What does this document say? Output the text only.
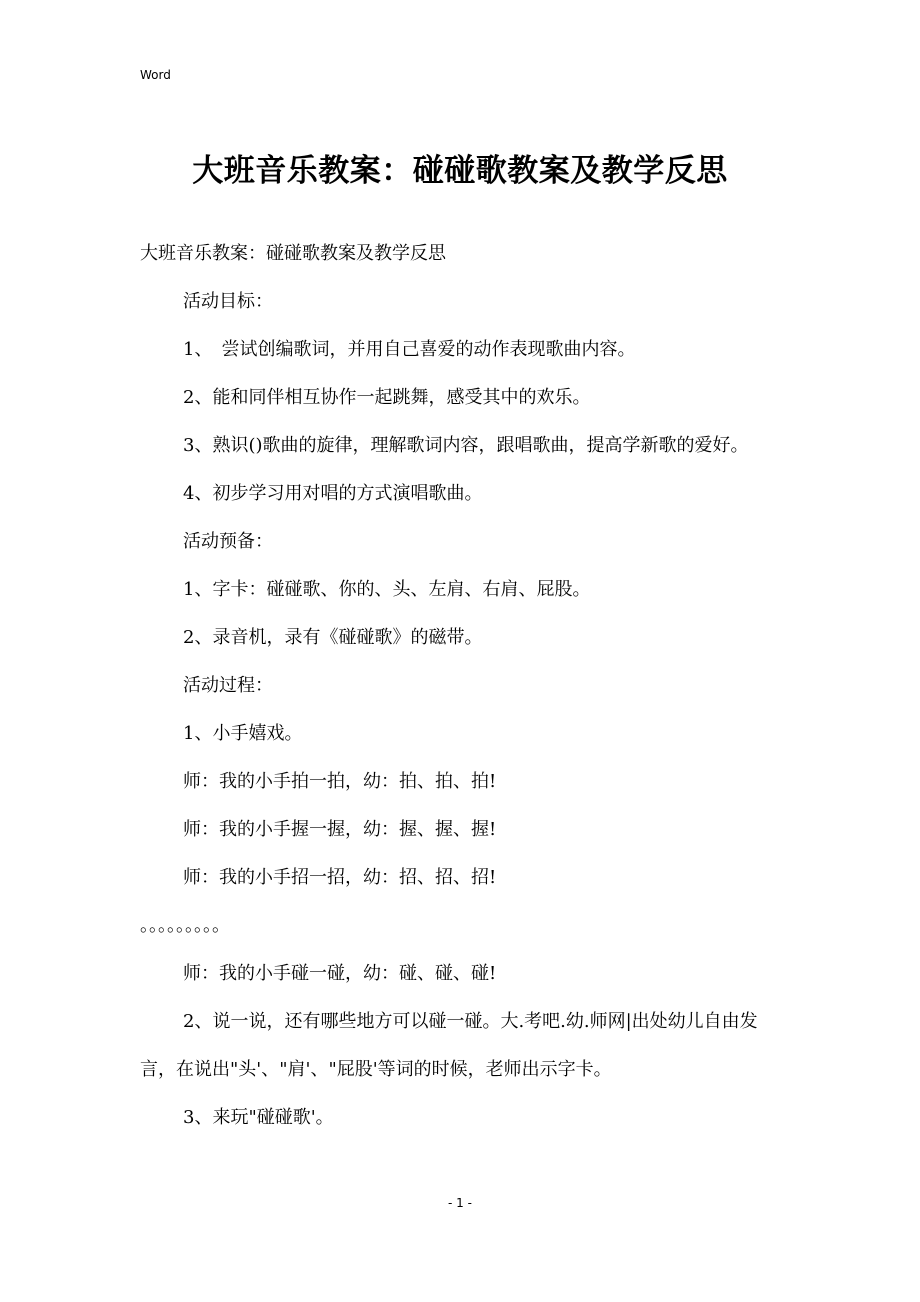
Word
大班音乐教案：碰碰歌教案及教学反思

大班音乐教案：碰碰歌教案及教学反思

活动目标：

1、　尝试创编歌词，并用自己喜爱的动作表现歌曲内容。

2、能和同伴相互协作一起跳舞，感受其中的欢乐。

3、熟识()歌曲的旋律，理解歌词内容，跟唱歌曲，提高学新歌的爱好。

4、初步学习用对唱的方式演唱歌曲。

活动预备：

1、字卡：碰碰歌、你的、头、左肩、右肩、屁股。

2、录音机，录有《碰碰歌》的磁带。

活动过程：

1、小手嬉戏。

师：我的小手拍一拍，幼：拍、拍、拍!

师：我的小手握一握，幼：握、握、握!

师：我的小手招一招，幼：招、招、招!

。。。。。。。。。

师：我的小手碰一碰，幼：碰、碰、碰!

2、说一说，还有哪些地方可以碰一碰。大.考吧.幼.师网|出处幼儿自由发言，在说出"头'、"肩'、"屁股'等词的时候，老师出示字卡。

3、来玩"碰碰歌'。

- 1 -
